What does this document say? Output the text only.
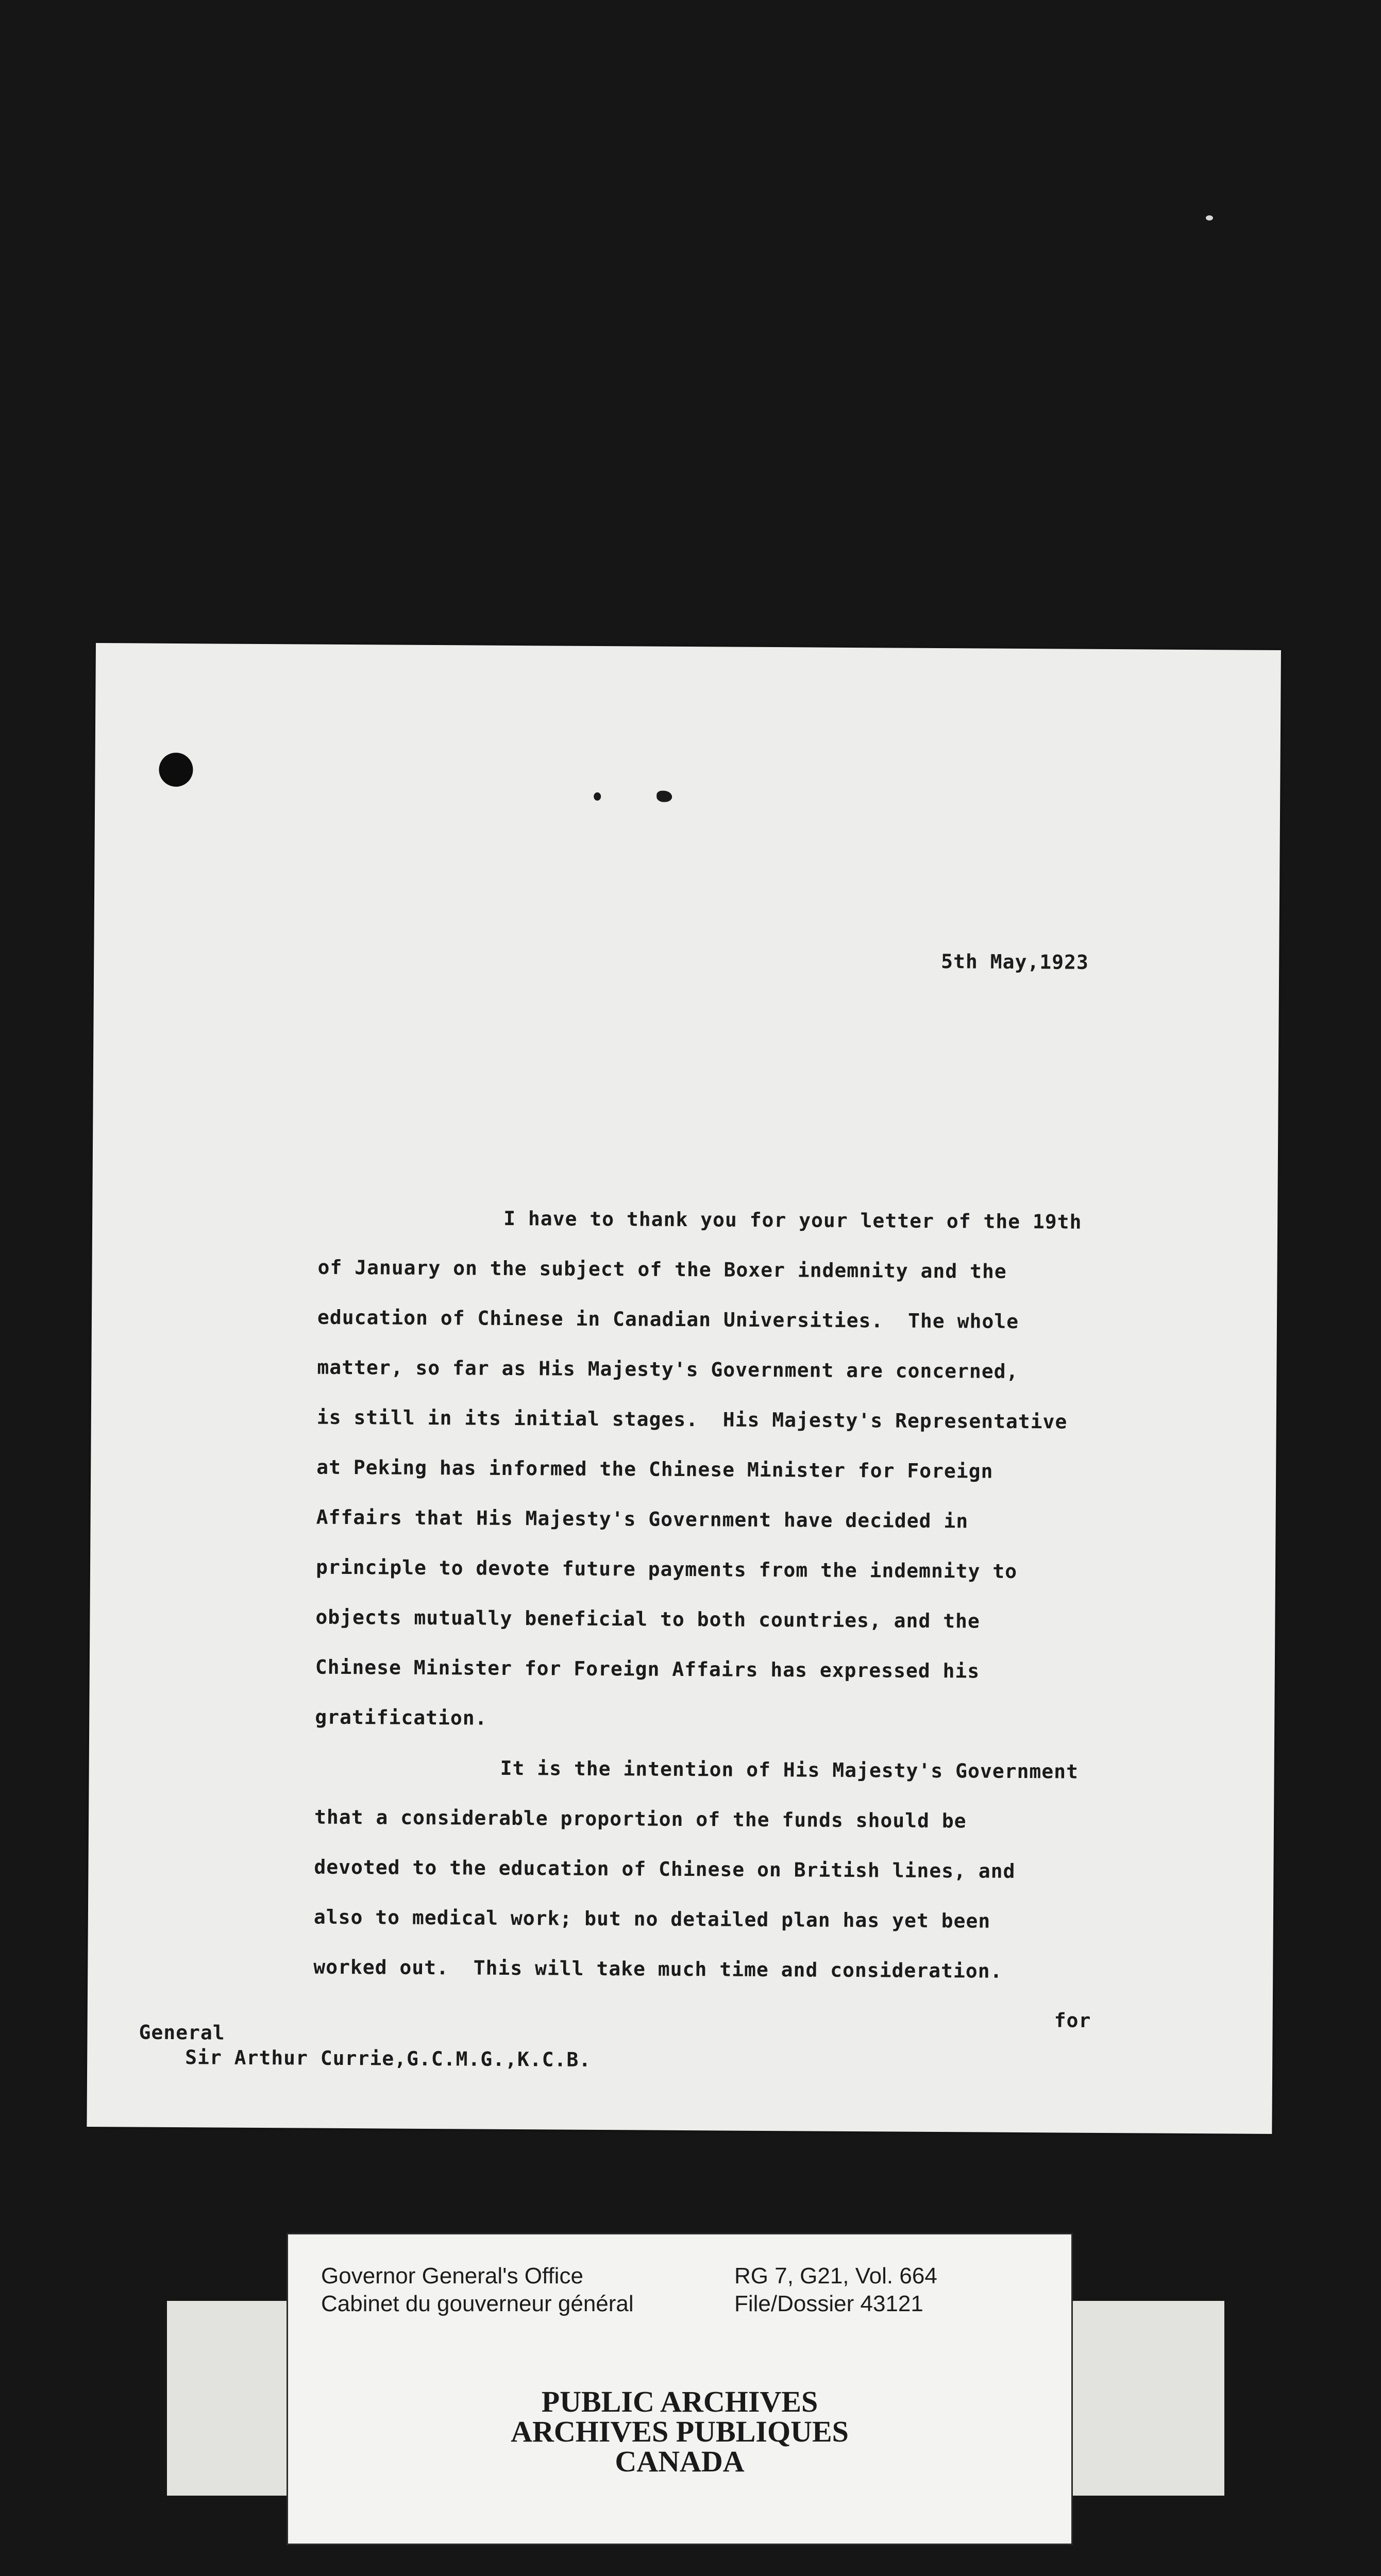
5th May,1923
I have to thank you for your letter of the 19th
of January on the subject of the Boxer indemnity and the
education of Chinese in Canadian Universities.  The whole
matter, so far as His Majesty's Government are concerned,
is still in its initial stages.  His Majesty's Representative
at Peking has informed the Chinese Minister for Foreign
Affairs that His Majesty's Government have decided in
principle to devote future payments from the indemnity to
objects mutually beneficial to both countries, and the
Chinese Minister for Foreign Affairs has expressed his
gratification.
It is the intention of His Majesty's Government
that a considerable proportion of the funds should be
devoted to the education of Chinese on British lines, and
also to medical work; but no detailed plan has yet been
worked out.  This will take much time and consideration.
for
General
Sir Arthur Currie,G.C.M.G.,K.C.B.
Governor General's Office
Cabinet du gouverneur général
RG 7, G21, Vol. 664
File/Dossier 43121
PUBLIC ARCHIVES
ARCHIVES PUBLIQUES
CANADA
